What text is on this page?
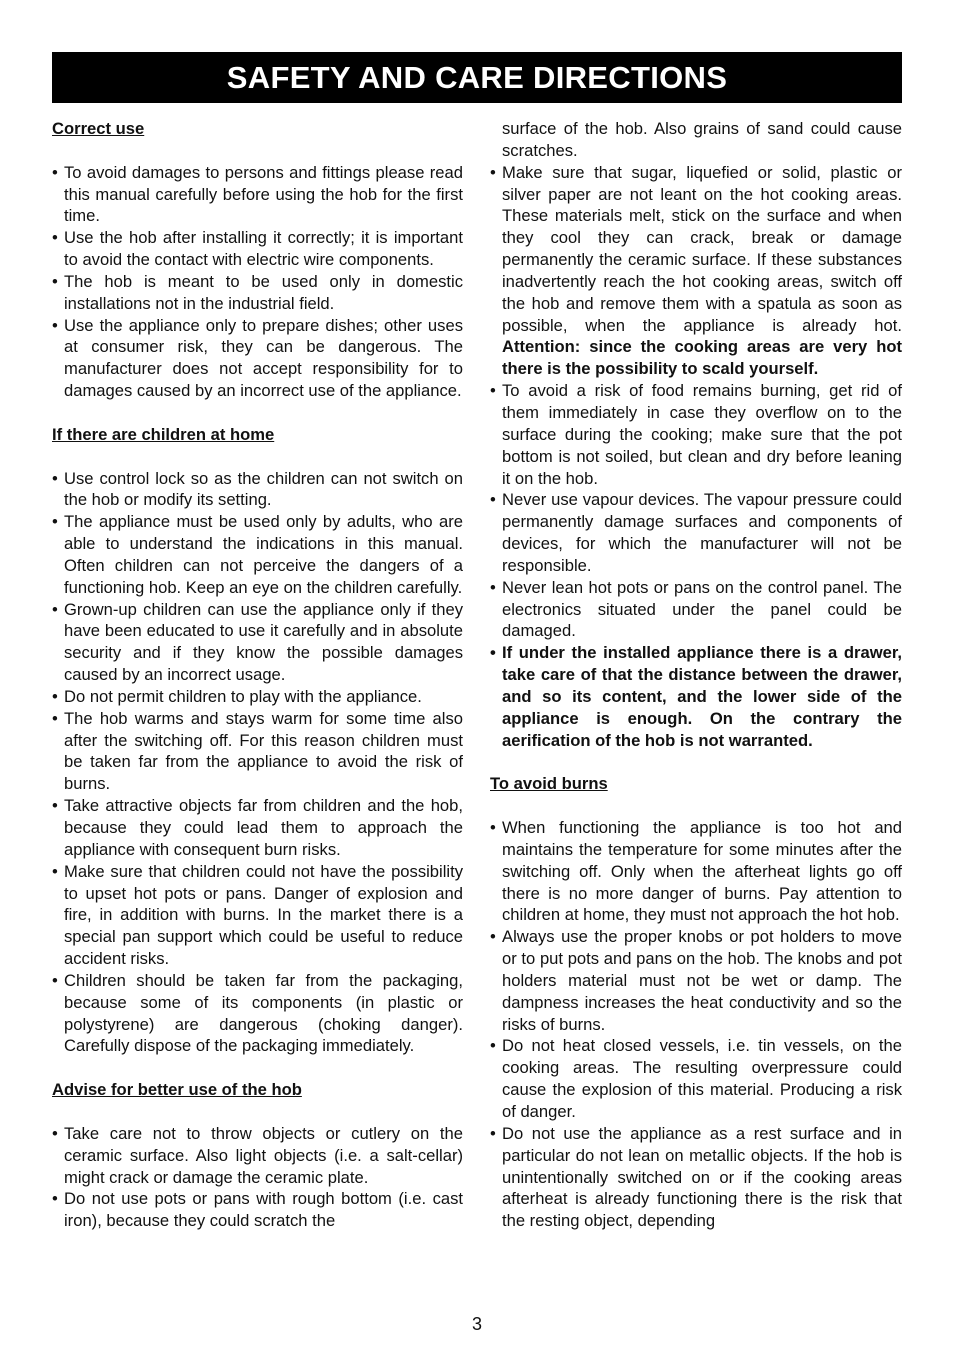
SAFETY AND CARE DIRECTIONS

Correct use

• To avoid damages to persons and fittings please read this manual carefully before using the hob for the first time.
• Use the hob after installing it correctly; it is important to avoid the contact with electric wire components.
• The hob is meant to be used only in domestic installations not in the industrial field.
• Use the appliance only to prepare dishes; other uses at consumer risk, they can be dangerous. The manufacturer does not accept responsibility for to damages caused by an incorrect use of the appliance.

If there are children at home

• Use control lock so as the children can not switch on the hob or modify its setting.
• The appliance must be used only by adults, who are able to understand the indications in this manual. Often children can not perceive the dangers of a functioning hob. Keep an eye on the children carefully.
• Grown-up children can use the appliance only if they have been educated to use it carefully and in absolute security and if they know the possible damages caused by an incorrect usage.
• Do not permit children to play with the appliance.
• The hob warms and stays warm for some time also after the switching off. For this reason children must be taken far from the appliance to avoid the risk of burns.
• Take attractive objects far from children and the hob, because they could lead them to approach the appliance with consequent burn risks.
• Make sure that children could not have the possibility to upset hot pots or pans. Danger of explosion and fire, in addition with burns. In the market there is a special pan support which could be useful to reduce accident risks.
• Children should be taken far from the packaging, because some of its components (in plastic or polystyrene) are dangerous (choking danger). Carefully dispose of the packaging immediately.

Advise for better use of the hob

• Take care not to throw objects or cutlery on the ceramic surface. Also light objects (i.e. a salt-cellar) might crack or damage the ceramic plate.
• Do not use pots or pans with rough bottom (i.e. cast iron), because they could scratch the
surface of the hob. Also grains of sand could cause scratches.
• Make sure that sugar, liquefied or solid, plastic or silver paper are not leant on the hot cooking areas. These materials melt, stick on the surface and when they cool they can crack, break or damage permanently the ceramic surface. If these substances inadvertently reach the hot cooking areas, switch off the hob and remove them with a spatula as soon as possible, when the appliance is already hot. Attention: since the cooking areas are very hot there is the possibility to scald yourself.
• To avoid a risk of food remains burning, get rid of them immediately in case they overflow on to the surface during the cooking; make sure that the pot bottom is not soiled, but clean and dry before leaning it on the hob.
• Never use vapour devices. The vapour pressure could permanently damage surfaces and components of devices, for which the manufacturer will not be responsible.
• Never lean hot pots or pans on the control panel. The electronics situated under the panel could be damaged.
• If under the installed appliance there is a drawer, take care of that the distance between the drawer, and so its content, and the lower side of the appliance is enough. On the contrary the aerification of the hob is not warranted.

To avoid burns

• When functioning the appliance is too hot and maintains the temperature for some minutes after the switching off. Only when the afterheat lights go off there is no more danger of burns. Pay attention to children at home, they must not approach the hot hob.
• Always use the proper knobs or pot holders to move or to put pots and pans on the hob. The knobs and pot holders material must not be wet or damp. The dampness increases the heat conductivity and so the risks of burns.
• Do not heat closed vessels, i.e. tin vessels, on the cooking areas. The resulting overpressure could cause the explosion of this material. Producing a risk of danger.
• Do not use the appliance as a rest surface and in particular do not lean on metallic objects. If the hob is unintentionally switched on or if the cooking areas afterheat is already functioning there is the risk that the resting object, depending
3
